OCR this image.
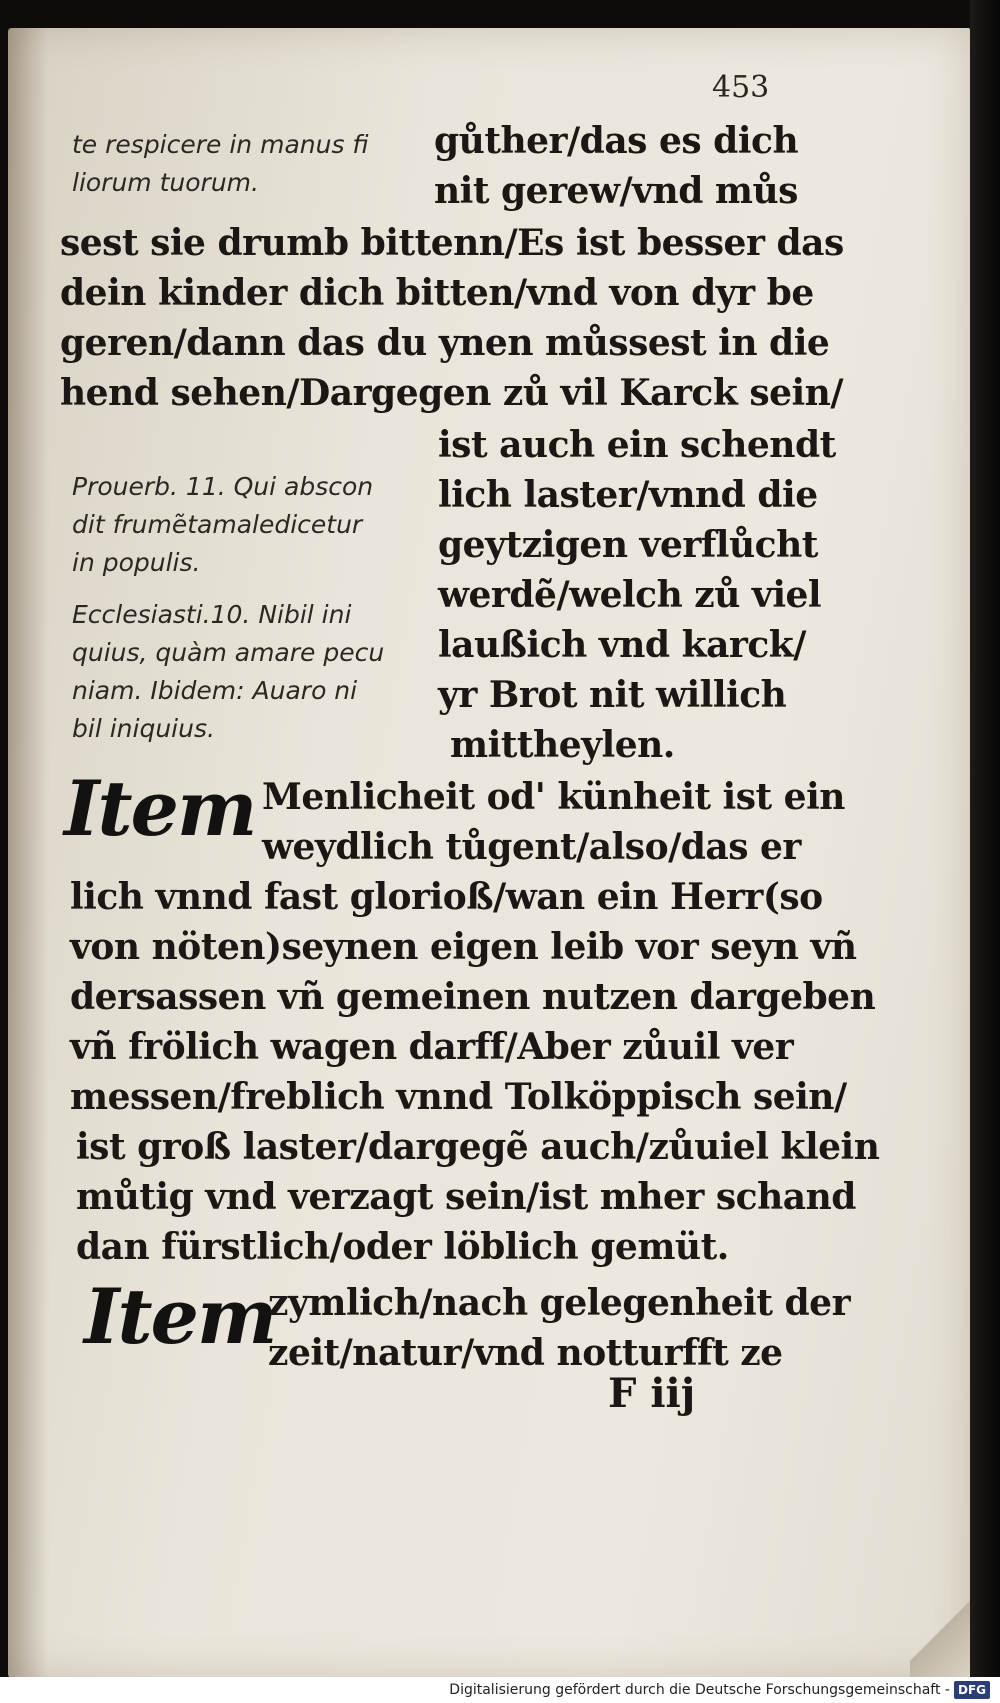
453
te respicere in manus fi
liorum tuorum.
Prouerb. 11. Qui abscon
dit frumẽtamaledicetur
in populis.
Ecclesiasti.10. Nibil ini
quius, quàm amare pecu
niam. Ibidem: Auaro ni
bil iniquius.
gůther/das es dich
nit gerew/vnd můs
sest sie drumb bittenn/Es ist besser das
dein kinder dich bitten/vnd von dyr be
geren/dann das du ynen můssest in die
hend sehen/Dargegen zů vil Karck sein/
ist auch ein schendt
lich laster/vnnd die
geytzigen verflůcht
werdẽ/welch zů viel
laußich vnd karck/
yr Brot nit willich
mittheylen.
Item Menlicheit od' künheit ist ein
weydlich tůgent/also/das er
lich vnnd fast glorioß/wan ein Herr(so
von nöten)seynen eigen leib vor seyn vñ
dersassen vñ gemeinen nutzen dargeben
vñ frölich wagen darff/Aber zůuil ver
messen/freblich vnnd Tolköppisch sein/
ist groß laster/dargegẽ auch/zůuiel klein
můtig vnd verzagt sein/ist mher schand
dan fürstlich/oder löblich gemüt.
Item
zymlich/nach gelegenheit der
zeit/natur/vnd notturfft ze
F iij
Digitalisierung gefördert durch die Deutsche Forschungsgemeinschaft - DFG
